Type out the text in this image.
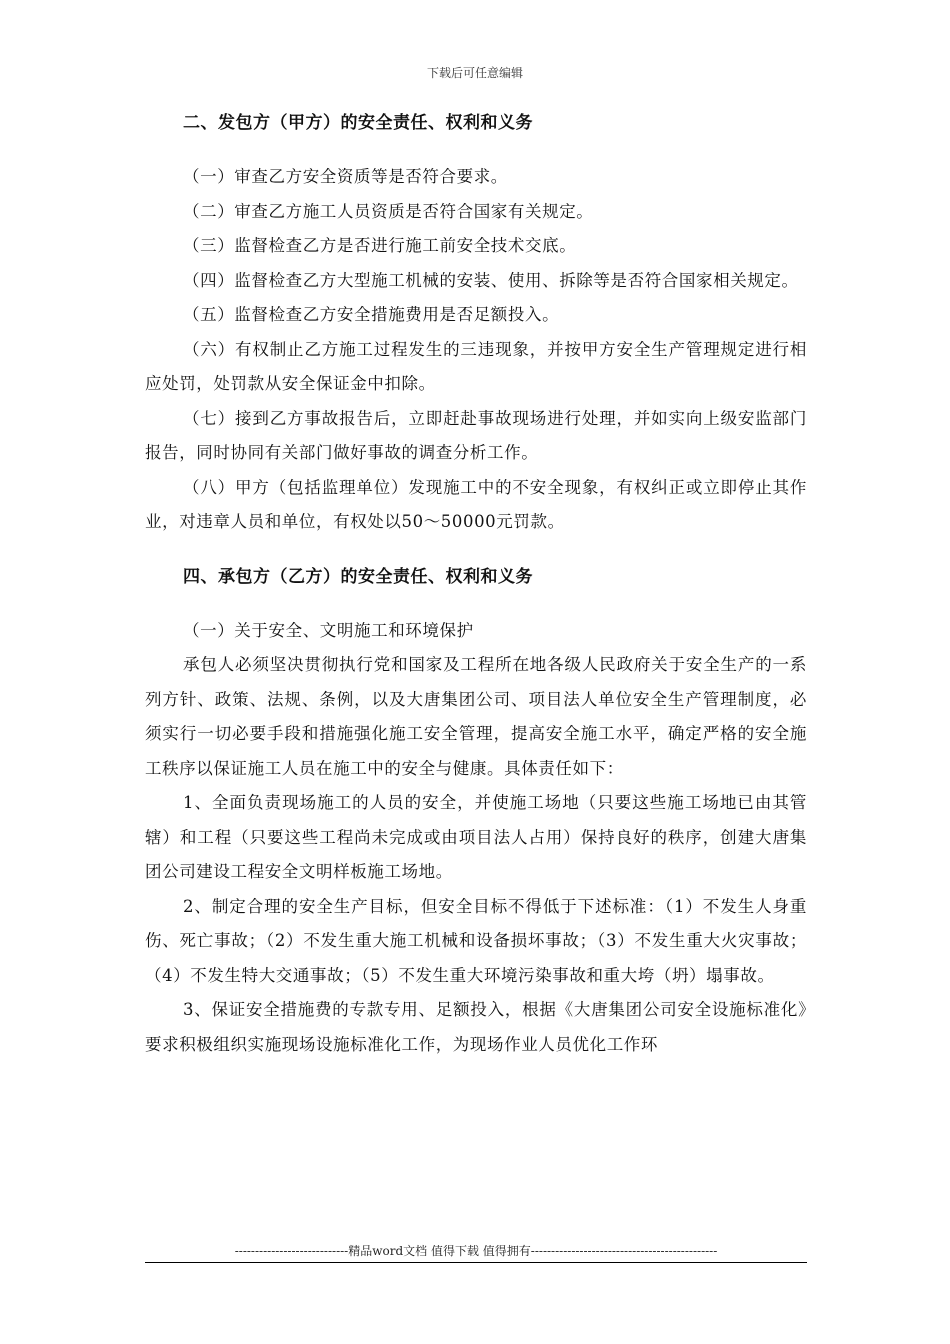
下载后可任意编辑
二、发包方（甲方）的安全责任、权利和义务

（一）审查乙方安全资质等是否符合要求。

（二）审查乙方施工人员资质是否符合国家有关规定。

（三）监督检查乙方是否进行施工前安全技术交底。

（四）监督检查乙方大型施工机械的安装、使用、拆除等是否符合国家相关规定。

（五）监督检查乙方安全措施费用是否足额投入。

（六）有权制止乙方施工过程发生的三违现象，并按甲方安全生产管理规定进行相应处罚，处罚款从安全保证金中扣除。

（七）接到乙方事故报告后，立即赶赴事故现场进行处理，并如实向上级安监部门报告，同时协同有关部门做好事故的调查分析工作。

（八）甲方（包括监理单位）发现施工中的不安全现象，有权纠正或立即停止其作业，对违章人员和单位，有权处以50～50000元罚款。

四、承包方（乙方）的安全责任、权利和义务

（一）关于安全、文明施工和环境保护

承包人必须坚决贯彻执行党和国家及工程所在地各级人民政府关于安全生产的一系列方针、政策、法规、条例，以及大唐集团公司、项目法人单位安全生产管理制度，必须实行一切必要手段和措施强化施工安全管理，提高安全施工水平，确定严格的安全施工秩序以保证施工人员在施工中的安全与健康。具体责任如下：

1、全面负责现场施工的人员的安全，并使施工场地（只要这些施工场地已由其管辖）和工程（只要这些工程尚未完成或由项目法人占用）保持良好的秩序，创建大唐集团公司建设工程安全文明样板施工场地。

2、制定合理的安全生产目标，但安全目标不得低于下述标准：（1）不发生人身重伤、死亡事故；（2）不发生重大施工机械和设备损坏事故；（3）不发生重大火灾事故；（4）不发生特大交通事故；（5）不发生重大环境污染事故和重大垮（坍）塌事故。

3、保证安全措施费的专款专用、足额投入，根据《大唐集团公司安全设施标准化》要求积极组织实施现场设施标准化工作，为现场作业人员优化工作环

----------------------------精品word文档 值得下载 值得拥有----------------------------------------------
